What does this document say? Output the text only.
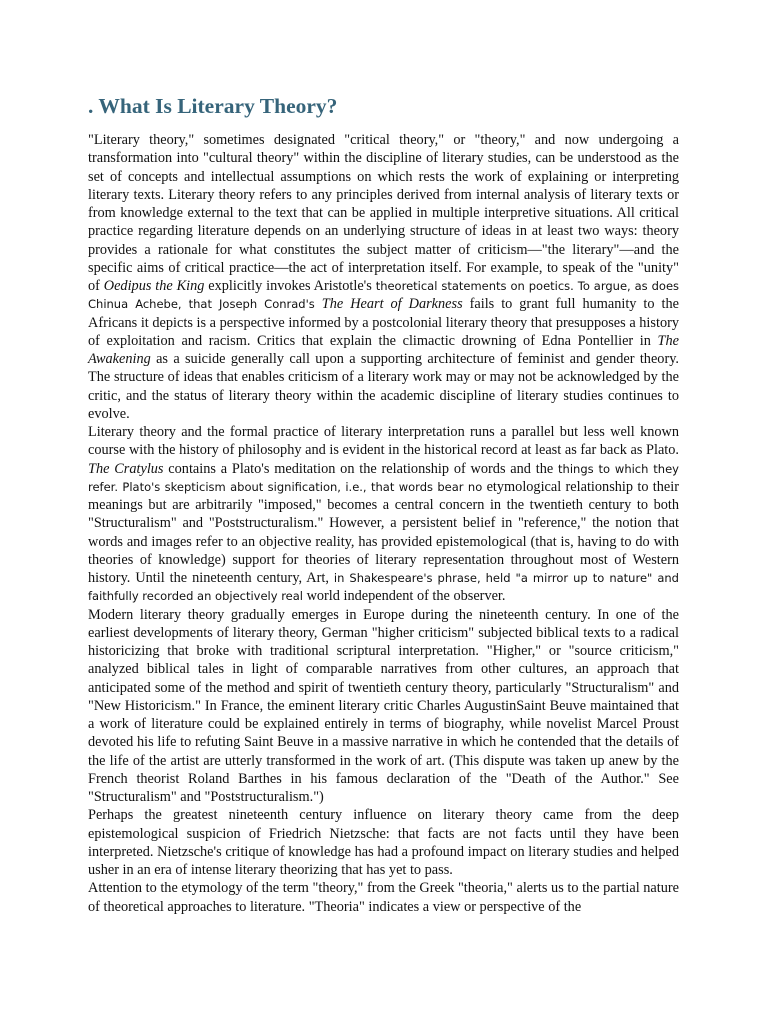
. What Is Literary Theory?

"Literary theory," sometimes designated "critical theory," or "theory," and now undergoing a transformation into "cultural theory" within the discipline of literary studies, can be understood as the set of concepts and intellectual assumptions on which rests the work of explaining or interpreting literary texts. Literary theory refers to any principles derived from internal analysis of literary texts or from knowledge external to the text that can be applied in multiple interpretive situations. All critical practice regarding literature depends on an underlying structure of ideas in at least two ways: theory provides a rationale for what constitutes the subject matter of criticism—"the literary"—and the specific aims of critical practice—the act of interpretation itself. For example, to speak of the "unity" of Oedipus the King explicitly invokes Aristotle's theoretical statements on poetics. To argue, as does Chinua Achebe, that Joseph Conrad's The Heart of Darkness fails to grant full humanity to the Africans it depicts is a perspective informed by a postcolonial literary theory that presupposes a history of exploitation and racism. Critics that explain the climactic drowning of Edna Pontellier in The Awakening as a suicide generally call upon a supporting architecture of feminist and gender theory. The structure of ideas that enables criticism of a literary work may or may not be acknowledged by the critic, and the status of literary theory within the academic discipline of literary studies continues to evolve.

Literary theory and the formal practice of literary interpretation runs a parallel but less well known course with the history of philosophy and is evident in the historical record at least as far back as Plato. The Cratylus contains a Plato's meditation on the relationship of words and the things to which they refer. Plato's skepticism about signification, i.e., that words bear no etymological relationship to their meanings but are arbitrarily "imposed," becomes a central concern in the twentieth century to both "Structuralism" and "Poststructuralism." However, a persistent belief in "reference," the notion that words and images refer to an objective reality, has provided epistemological (that is, having to do with theories of knowledge) support for theories of literary representation throughout most of Western history. Until the nineteenth century, Art, in Shakespeare's phrase, held "a mirror up to nature" and faithfully recorded an objectively real world independent of the observer.

Modern literary theory gradually emerges in Europe during the nineteenth century. In one of the earliest developments of literary theory, German "higher criticism" subjected biblical texts to a radical historicizing that broke with traditional scriptural interpretation. "Higher," or "source criticism," analyzed biblical tales in light of comparable narratives from other cultures, an approach that anticipated some of the method and spirit of twentieth century theory, particularly "Structuralism" and "New Historicism." In France, the eminent literary critic Charles AugustinSaint Beuve maintained that a work of literature could be explained entirely in terms of biography, while novelist Marcel Proust devoted his life to refuting Saint Beuve in a massive narrative in which he contended that the details of the life of the artist are utterly transformed in the work of art. (This dispute was taken up anew by the French theorist Roland Barthes in his famous declaration of the "Death of the Author." See "Structuralism" and "Poststructuralism.")

Perhaps the greatest nineteenth century influence on literary theory came from the deep epistemological suspicion of Friedrich Nietzsche: that facts are not facts until they have been interpreted. Nietzsche's critique of knowledge has had a profound impact on literary studies and helped usher in an era of intense literary theorizing that has yet to pass.

Attention to the etymology of the term "theory," from the Greek "theoria," alerts us to the partial nature of theoretical approaches to literature. "Theoria" indicates a view or perspective of the
